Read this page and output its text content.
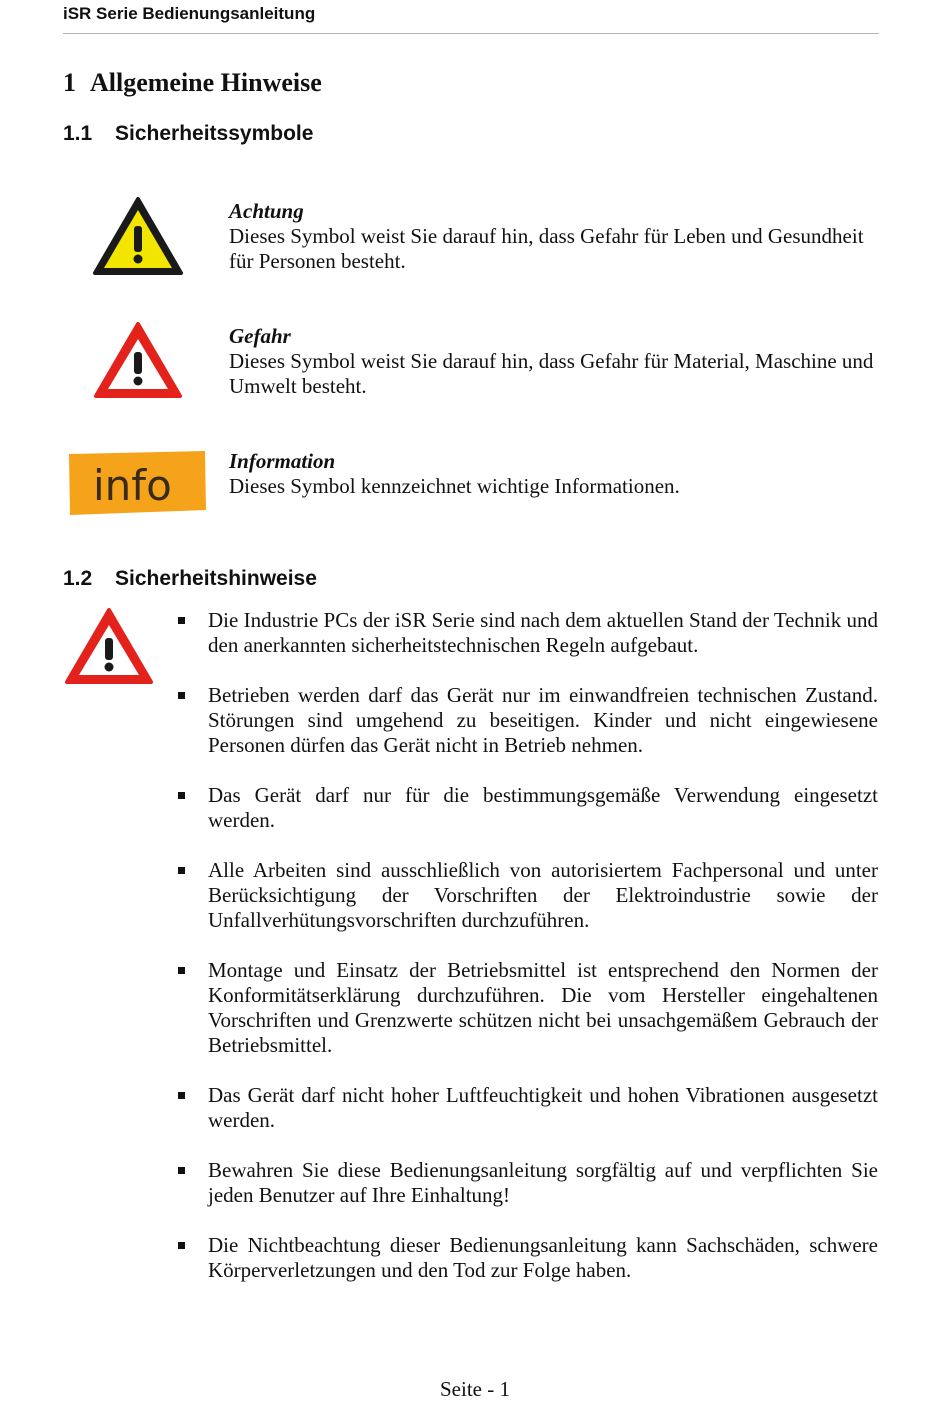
iSR Serie Bedienungsanleitung
1 Allgemeine Hinweise
1.1 Sicherheitssymbole
Achtung
Dieses Symbol weist Sie darauf hin, dass Gefahr für Leben und Gesundheit für Personen besteht.
Gefahr
Dieses Symbol weist Sie darauf hin, dass Gefahr für Material, Maschine und Umwelt besteht.
info	Information
Dieses Symbol kennzeichnet wichtige Informationen.
1.2 Sicherheitshinweise
Die Industrie PCs der iSR Serie sind nach dem aktuellen Stand der Technik und den anerkannten sicherheitstechnischen Regeln aufgebaut.
Betrieben werden darf das Gerät nur im einwandfreien technischen Zustand. Störungen sind umgehend zu beseitigen. Kinder und nicht eingewiesene Personen dürfen das Gerät nicht in Betrieb nehmen.
Das Gerät darf nur für die bestimmungsgemäße Verwendung eingesetzt werden.
Alle Arbeiten sind ausschließlich von autorisiertem Fachpersonal und unter Berücksichtigung der Vorschriften der Elektroindustrie sowie der Unfallverhütungsvorschriften durchzuführen.
Montage und Einsatz der Betriebsmittel ist entsprechend den Normen der Konformitätserklärung durchzuführen. Die vom Hersteller eingehaltenen Vorschriften und Grenzwerte schützen nicht bei unsachgemäßem Gebrauch der Betriebsmittel.
Das Gerät darf nicht hoher Luftfeuchtigkeit und hohen Vibrationen ausgesetzt werden.
Bewahren Sie diese Bedienungsanleitung sorgfältig auf und verpflichten Sie jeden Benutzer auf Ihre Einhaltung!
Die Nichtbeachtung dieser Bedienungsanleitung kann Sachschäden, schwere Körperverletzungen und den Tod zur Folge haben.
Seite - 1
